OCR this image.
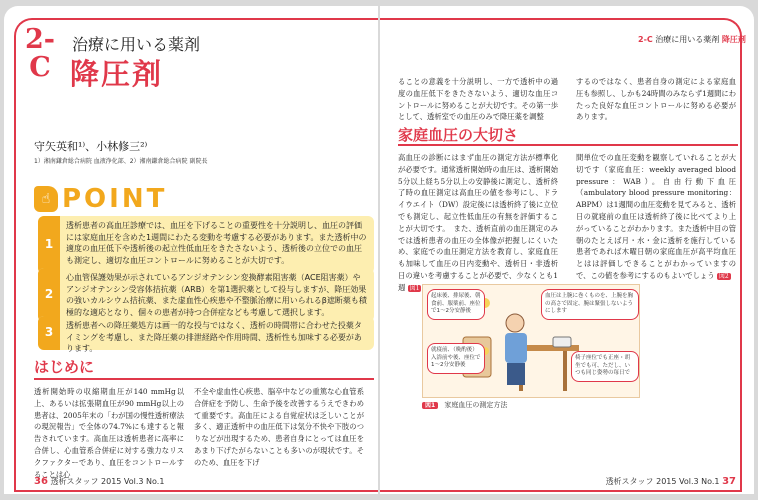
2-C
治療に用いる薬剤
降圧剤
守矢英和¹⁾、小林修三²⁾
1）湘南鎌倉総合病院 血液浄化部、2）湘南鎌倉総合病院 副院長
☝ POINT
1
透析患者の高血圧診療では、血圧を下げることの重要性を十分説明し、血圧の評価には家庭血圧を含めた1週間にわたる変動を考慮する必要があります。また透析中の適度の血圧低下や透析後の起立性低血圧をきたさないよう、透析後の立位での血圧も測定し、適切な血圧コントロールに努めることが大切です。
2
心血管保護効果が示されているアンジオテンシン変換酵素阻害薬（ACE阻害薬）やアンジオテンシン受容体拮抗薬（ARB）を第1選択薬として投与しますが、降圧効果の強いカルシウム拮抗薬、また虚血性心疾患や不整脈治療に用いられるβ遮断薬も積極的な適応となり、個々の患者が持つ合併症なども考慮して選択します。
3	透析患者への降圧薬処方は画一的な投与ではなく、透析の時間帯に合わせた投薬タイミングを考慮し、また降圧薬の排泄経路や作用時間、透析性も加味する必要があります。
はじめに
透析開始時の収縮期血圧が140 mmHg以上、あるいは拡張期血圧が90 mmHg以上の患者は、2005年末の「わが国の慢性透析療法の現況報告」で全体の74.7%にも達すると報告されています。高血圧は透析患者に高率に合併し、心血管系合併症に対する強力なリスクファクターであり、血圧をコントロールすることは心
不全や虚血性心疾患、脳卒中などの重篤な心血管系合併症を予防し、生命予後を改善するうえできわめて重要です。高血圧による自覚症状は乏しいことが多く、適正透析中の血圧低下は気分不快や下肢のつりなどが出現するため、患者自身にとっては血圧をあまり下げたがらないことも多いのが現状です。そのため、血圧を下げ
36 透析スタッフ 2015 Vol.3 No.1
2-C 治療に用いる薬剤 降圧剤
ることの意義を十分説明し、一方で透析中の過度の血圧低下をきたさないよう、適切な血圧コントロールに努めることが大切です。その第一歩として、透析室での血圧のみで降圧薬を調整
するのではなく、患者自身の測定による家庭血圧も参照し、しかも24時間のみならず1週間にわたった良好な血圧コントロールに努める必要があります。
家庭血圧の大切さ
高血圧の診断にはまず血圧の測定方法が標準化が必要です。通常透析開始時の血圧は、透析開始5分以上経ち5分以上の安静後に測定し、透析終了時の血圧測定は高血圧の値を参考にし、ドライウエイト（DW）設定後には透析終了後に立位でも測定し、起立性低血圧の有無を評価することが大切です。　また、透析直前の血圧測定のみでは透析患者の血圧の全体像が把握しにくいため、家庭での血圧測定方法を教育し、家庭血圧も加味して血圧の日内変動や、透析日・非透析日の違いを考慮することが必要で、少なくとも1週 図1
間単位での血圧変動を観察していれることが大切です（家庭血圧：weekly averaged blood pressure：WAB）。自由行動下血圧（ambulatory blood pressure monitoring：ABPM）は1週間の血圧変動を見てみると、透析日の就寝前の血圧は透析終了後に比べてより上がっていることがわかります。また透析中目の管朝のたとえば月・水・金に透析を施行している患者であれば木曜日朝の家庭血圧が高平均血圧とはは評価しできることがわかっていますので、この値を参考にするのもよいでしょう 図2
起床後、排尿後、朝食前、服薬前、座位で1～2分安静後
就寝前、（晩酌後）入浴前や後、座位で1～2分安静後
血圧は上腕に巻くものを、上腕を胸の高さで固定、腕は緊張しないようにします
椅子座位でも正座・胡坐でも可、ただし、いつも同じ姿勢の毎日で
図1 家庭血圧の測定方法
透析スタッフ 2015 Vol.3 No.1 37
